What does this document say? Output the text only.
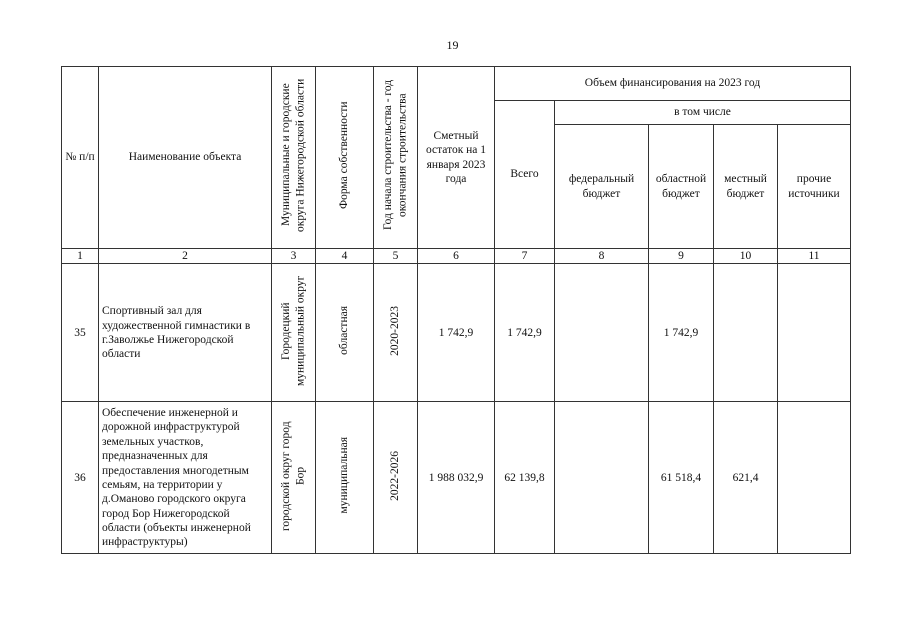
19
№ п/п	Наименование объекта	Муниципальные и городские округа Нижегородской области	Форма собственности	Год начала строительства - год окончания строительства	Сметный остаток на 1 января 2023 года	Объем финансирования на 2023 год				
						Всего	в том числе			
							федеральный бюджет	областной бюджет	местный бюджет	прочие источники
1	2	3	4	5	6	7	8	9	10	11
35	Спортивный зал для художественной гимнастики в г.Заволжье Нижегородской области	Городецкий муниципальный округ	областная	2020-2023	1 742,9	1 742,9		1 742,9		
36	Обеспечение инженерной и дорожной инфраструктурой земельных участков, предназначенных для предоставления многодетным семьям, на территории у д.Оманово городского округа город Бор Нижегородской области (объекты инженерной инфраструктуры)	городской округ город Бор	муниципальная	2022-2026	1 988 032,9	62 139,8		61 518,4	621,4	
